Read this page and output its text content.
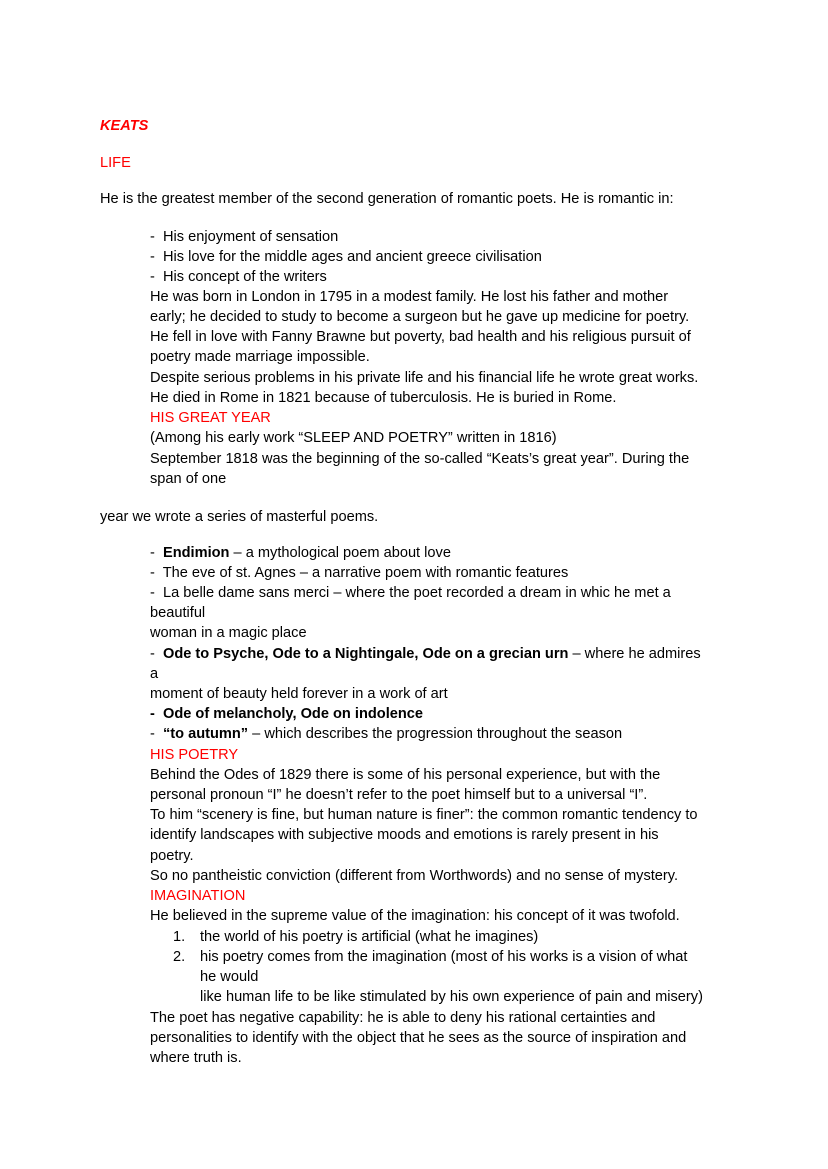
KEATS
LIFE
He is the greatest member of the second generation of romantic poets. He is romantic in:
- His enjoyment of sensation
- His love for the middle ages and ancient greece civilisation
- His concept of the writers
He was born in London in 1795 in a modest family. He lost his father and mother
early; he decided to study to become a surgeon but he gave up medicine for poetry.
He fell in love with Fanny Brawne but poverty, bad health and his religious pursuit of
poetry made marriage impossible.
Despite serious problems in his private life and his financial life he wrote great works.
He died in Rome in 1821 because of tuberculosis. He is buried in Rome.
HIS GREAT YEAR
(Among his early work “SLEEP AND POETRY” written in 1816)
September 1818 was the beginning of the so-called “Keats’s great year”. During the
span of one
year we wrote a series of masterful poems.
- Endimion – a mythological poem about love
- The eve of st. Agnes – a narrative poem with romantic features
- La belle dame sans merci – where the poet recorded a dream in whic he met a
beautiful
woman in a magic place
- Ode to Psyche, Ode to a Nightingale, Ode on a grecian urn – where he admires
a
moment of beauty held forever in a work of art
- Ode of melancholy, Ode on indolence
- “to autumn” – which describes the progression throughout the season
HIS POETRY
Behind the Odes of 1829 there is some of his personal experience, but with the
personal pronoun “I” he doesn’t refer to the poet himself but to a universal “I”.
To him “scenery is fine, but human nature is finer”: the common romantic tendency to
identify landscapes with subjective moods and emotions is rarely present in his
poetry.
So no pantheistic conviction (different from Worthwords) and no sense of mystery.
IMAGINATION
He believed in the supreme value of the imagination: his concept of it was twofold.
1. the world of his poetry is artificial (what he imagines)
2. his poetry comes from the imagination (most of his works is a vision of what
he would
like human life to be like stimulated by his own experience of pain and misery)
The poet has negative capability: he is able to deny his rational certainties and
personalities to identify with the object that he sees as the source of inspiration and
where truth is.
